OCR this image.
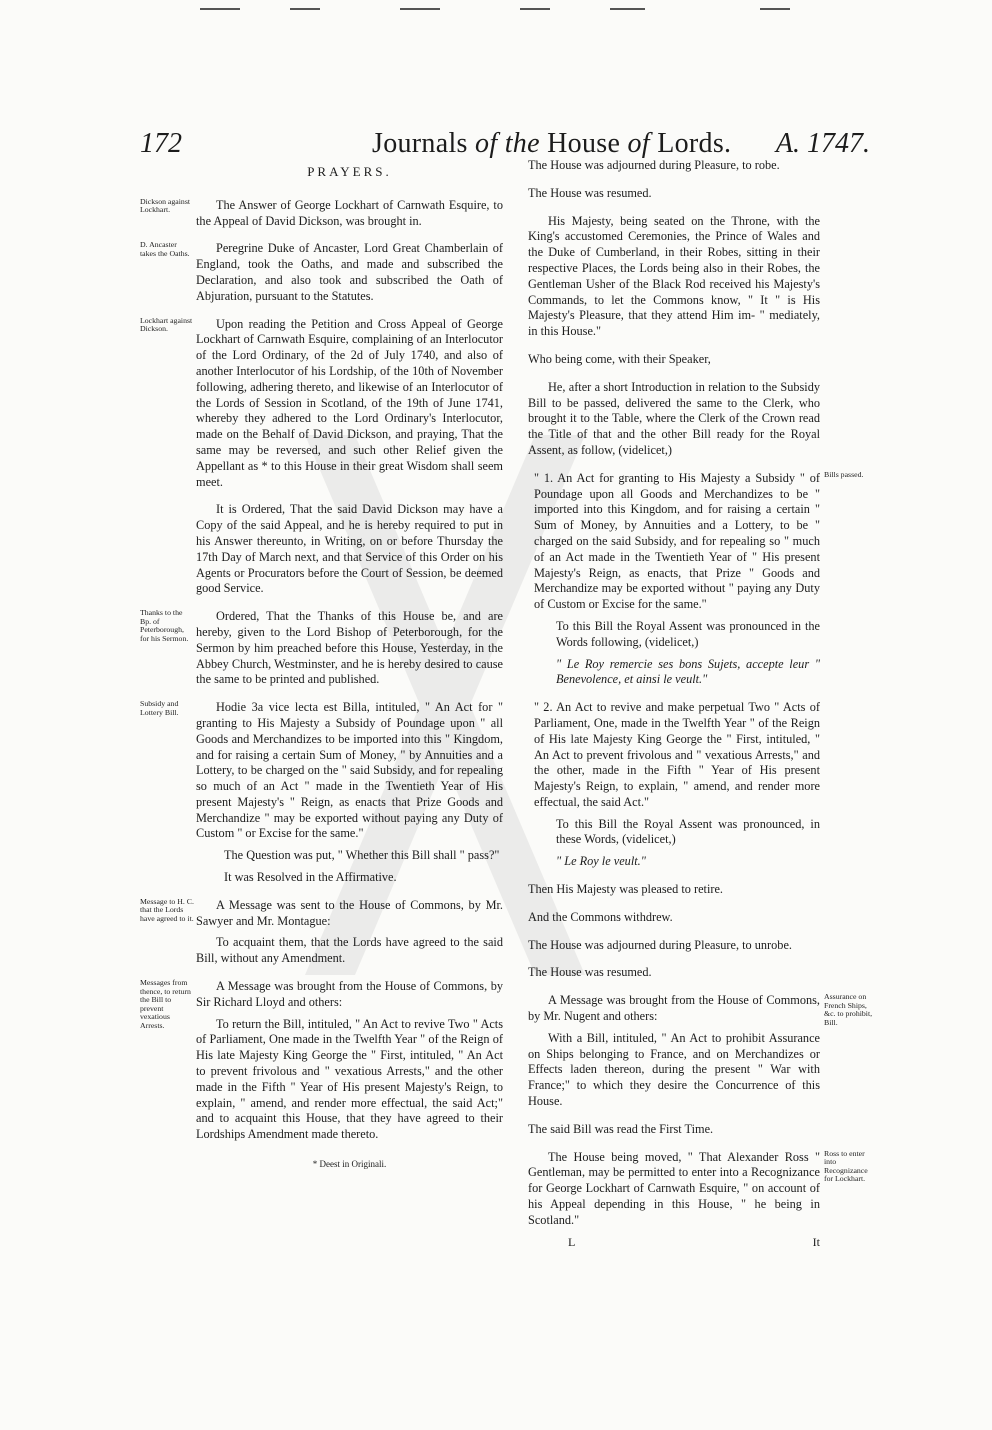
172	Journals of the House of Lords. A. 1747.
PRAYERS.
Dickson against Lockhart.	The Answer of George Lockhart of Carnwath Esquire, to the Appeal of David Dickson, was brought in.
D. Ancaster takes the Oaths.	Peregrine Duke of Ancaster, Lord Great Chamberlain of England, took the Oaths, and made and subscribed the Declaration, and also took and subscribed the Oath of Abjuration, pursuant to the Statutes.
Lockhart against Dickson.	Upon reading the Petition and Cross Appeal of George Lockhart of Carnwath Esquire, complaining of an Interlocutor of the Lord Ordinary, of the 2d of July 1740, and also of another Interlocutor of his Lordship, of the 10th of November following, adhering thereto, and likewise of an Interlocutor of the Lords of Session in Scotland, of the 19th of June 1741, whereby they adhered to the Lord Ordinary's Interlocutor, made on the Behalf of David Dickson, and praying, That the same may be reversed, and such other Relief given the Appellant as * to this House in their great Wisdom shall seem meet.
It is Ordered, That the said David Dickson may have a Copy of the said Appeal, and he is hereby required to put in his Answer thereunto, in Writing, on or before Thursday the 17th Day of March next, and that Service of this Order on his Agents or Procurators before the Court of Session, be deemed good Service.
Thanks to the Bp. of Peterborough, for his Sermon.
Ordered, That the Thanks of this House be, and are hereby, given to the Lord Bishop of Peterborough, for the Sermon by him preached before this House, Yesterday, in the Abbey Church, Westminster, and he is hereby desired to cause the same to be printed and published.
Subsidy and Lottery Bill.	Hodie 3a vice lecta est Billa, intituled, " An Act for " granting to His Majesty a Subsidy of Poundage upon " all Goods and Merchandizes to be imported into this " Kingdom, and for raising a certain Sum of Money, " by Annuities and a Lottery, to be charged on the " said Subsidy, and for repealing so much of an Act " made in the Twentieth Year of His present Majesty's " Reign, as enacts that Prize Goods and Merchandize " may be exported without paying any Duty of Custom " or Excise for the same."
The Question was put, " Whether this Bill shall " pass?"
It was Resolved in the Affirmative.
Message to H. C. that the Lords have agreed to it.
A Message was sent to the House of Commons, by Mr. Sawyer and Mr. Montague:
To acquaint them, that the Lords have agreed to the said Bill, without any Amendment.
Messages from thence, to return the Bill to prevent vexatious Arrests.
A Message was brought from the House of Commons, by Sir Richard Lloyd and others:
To return the Bill, intituled, " An Act to revive Two " Acts of Parliament, One made in the Twelfth Year " of the Reign of His late Majesty King George the " First, intituled, " An Act to prevent frivolous and " vexatious Arrests," and the other made in the Fifth " Year of His present Majesty's Reign, to explain, " amend, and render more effectual, the said Act;" and to acquaint this House, that they have agreed to their Lordships Amendment made thereto.
* Deest in Originali.
The House was adjourned during Pleasure, to robe.
The House was resumed.
His Majesty, being seated on the Throne, with the King's accustomed Ceremonies, the Prince of Wales and the Duke of Cumberland, in their Robes, sitting in their respective Places, the Lords being also in their Robes, the Gentleman Usher of the Black Rod received his Majesty's Commands, to let the Commons know, " It " is His Majesty's Pleasure, that they attend Him im- " mediately, in this House."
Who being come, with their Speaker,
He, after a short Introduction in relation to the Subsidy Bill to be passed, delivered the same to the Clerk, who brought it to the Table, where the Clerk of the Crown read the Title of that and the other Bill ready for the Royal Assent, as follow, (videlicet,)
Bills passed.
" 1. An Act for granting to His Majesty a Subsidy " of Poundage upon all Goods and Merchandizes to be " imported into this Kingdom, and for raising a certain " Sum of Money, by Annuities and a Lottery, to be " charged on the said Subsidy, and for repealing so " much of an Act made in the Twentieth Year of " His present Majesty's Reign, as enacts, that Prize " Goods and Merchandize may be exported without " paying any Duty of Custom or Excise for the same."
To this Bill the Royal Assent was pronounced in the Words following, (videlicet,)
" Le Roy remercie ses bons Sujets, accepte leur " Benevolence, et ainsi le veult."
" 2. An Act to revive and make perpetual Two " Acts of Parliament, One, made in the Twelfth Year " of the Reign of His late Majesty King George the " First, intituled, " An Act to prevent frivolous and " vexatious Arrests," and the other, made in the Fifth " Year of His present Majesty's Reign, to explain, " amend, and render more effectual, the said Act."
To this Bill the Royal Assent was pronounced, in these Words, (videlicet,)
" Le Roy le veult."
Then His Majesty was pleased to retire.
And the Commons withdrew.
The House was adjourned during Pleasure, to unrobe.
The House was resumed.
Assurance on French Ships, &c. to prohibit, Bill.
A Message was brought from the House of Commons, by Mr. Nugent and others:
With a Bill, intituled, " An Act to prohibit Assurance on Ships belonging to France, and on Merchandizes or Effects laden thereon, during the present " War with France;" to which they desire the Concurrence of this House.
The said Bill was read the First Time.
Ross to enter into Recognizance for Lockhart.
The House being moved, " That Alexander Ross " Gentleman, may be permitted to enter into a Recognizance for George Lockhart of Carnwath Esquire, " on account of his Appeal depending in this House, " he being in Scotland."
L	It
